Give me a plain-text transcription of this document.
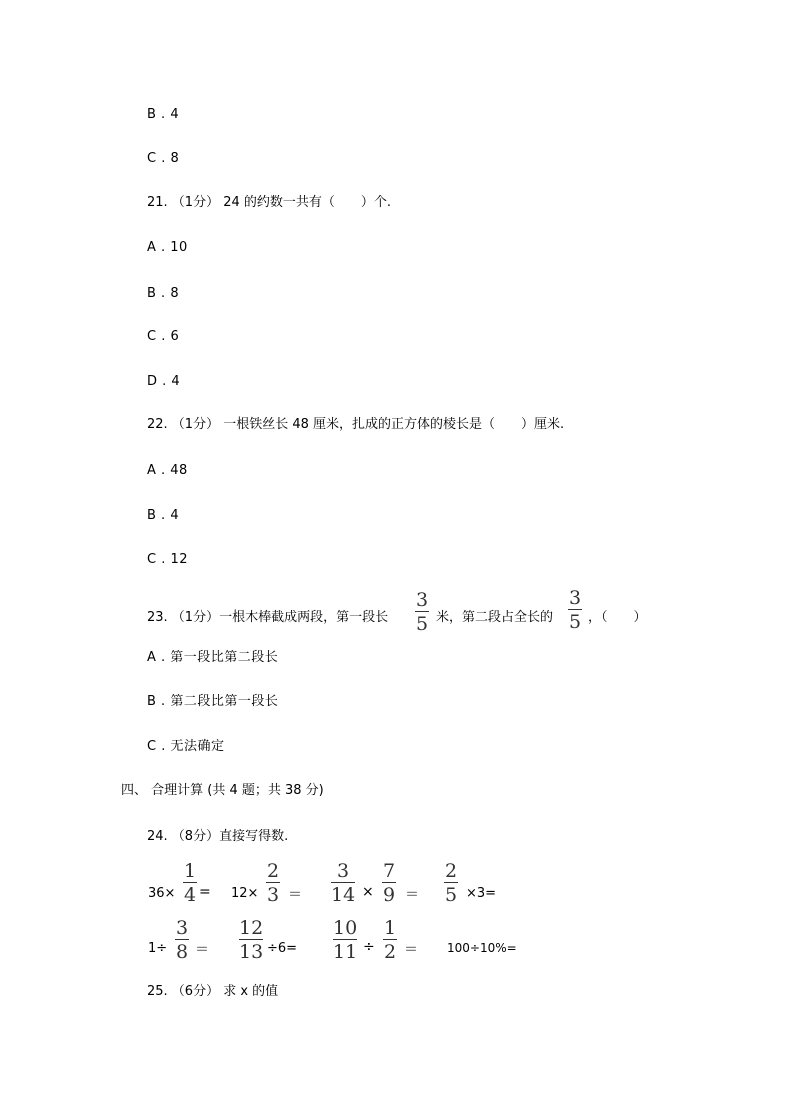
B . 4
C . 8
21. （1分） 24 的约数一共有（　　）个.
A . 10
B . 8
C . 6
D . 4
22. （1分） 一根铁丝长 48 厘米，扎成的正方体的棱长是（　　）厘米.
A . 48
B . 4
C . 12
23. （1分）一根木棒截成两段，第一段长
3
5 米，第二段占全长的
3
5 ，（　　）
A . 第一段比第二段长
B . 第二段比第一段长
C . 无法确定
四、 合理计算 (共 4 题；共 38 分)
24. （8分）直接写得数.
36×
1
4 = 12×
2
3 ＝
3
14 ×
7
9 ＝
2
5 ×3=
1÷
3
8 ＝
12
13 ÷6=
10
11 ÷
1
2 ＝ 100÷10%=
25. （6分） 求 x 的值
